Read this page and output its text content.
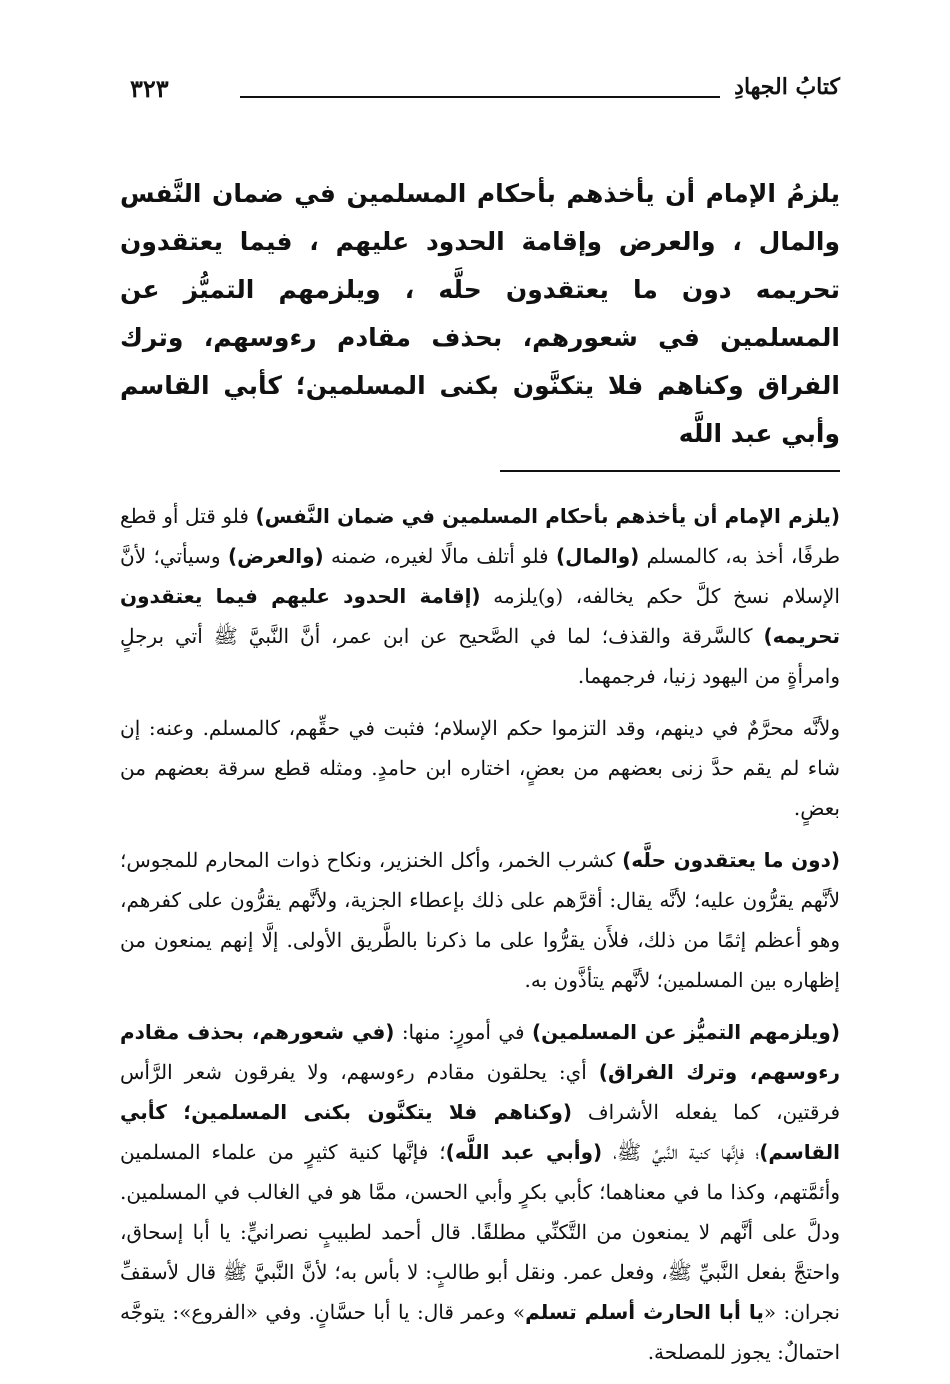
كتابُ الجهادِ
٣٢٣
يلزمُ الإمام أن يأخذهم بأحكام المسلمين في ضمان النَّفس والمال ، والعرض وإقامة الحدود عليهم ، فيما يعتقدون تحريمه دون ما يعتقدون حلَّه ، ويلزمهم التميُّز عن المسلمين في شعورهم، بحذف مقادم رءوسهم، وترك الفراق وكناهم فلا يتكنَّون بكنى المسلمين؛ كأبي القاسم وأبي عبد اللَّه

(يلزم الإمام أن يأخذهم بأحكام المسلمين في ضمان النَّفس) فلو قتل أو قطع طرفًا، أخذ به، كالمسلم (والمال) فلو أتلف مالًا لغيره، ضمنه (والعرض) وسيأتي؛ لأنَّ الإسلام نسخ كلَّ حكم يخالفه، (و)يلزمه (إقامة الحدود عليهم فيما يعتقدون تحريمه) كالسَّرقة والقذف؛ لما في الصَّحيح عن ابن عمر، أنَّ النَّبيَّ ﷺ أتي برجلٍ وامرأةٍ من اليهود زنيا، فرجمهما.

ولأنَّه محرَّمٌ في دينهم، وقد التزموا حكم الإسلام؛ فثبت في حقِّهم، كالمسلم. وعنه: إن شاء لم يقم حدَّ زنى بعضهم من بعضٍ، اختاره ابن حامدٍ. ومثله قطع سرقة بعضهم من بعضٍ.

(دون ما يعتقدون حلَّه) كشرب الخمر، وأكل الخنزير، ونكاح ذوات المحارم للمجوس؛ لأنَّهم يقرُّون عليه؛ لأنَّه يقال: أقرَّهم على ذلك بإعطاء الجزية، ولأنَّهم يقرُّون على كفرهم، وهو أعظم إثمًا من ذلك، فلأَن يقرُّوا على ما ذكرنا بالطَّريق الأولى. إلَّا إنهم يمنعون من إظهاره بين المسلمين؛ لأنَّهم يتأذَّون به.

(ويلزمهم التميُّز عن المسلمين) في أمورٍ: منها: (في شعورهم، بحذف مقادم رءوسهم، وترك الفراق) أي: يحلقون مقادم رءوسهم، ولا يفرقون شعر الرَّأس فرقتين، كما يفعله الأشراف (وكناهم فلا يتكنَّون بكنى المسلمين؛ كأبي القاسم)؛ فإنَّها كنية النَّبيِّ ﷺ، (وأبي عبد اللَّه)؛ فإنَّها كنية كثيرٍ من علماء المسلمين وأئمَّتهم، وكذا ما في معناهما؛ كأبي بكرٍ وأبي الحسن، ممَّا هو في الغالب في المسلمين. ودلَّ على أنَّهم لا يمنعون من التَّكنِّي مطلقًا. قال أحمد لطبيبٍ نصرانيٍّ: يا أبا إسحاق، واحتجَّ بفعل النَّبيِّ ﷺ، وفعل عمر. ونقل أبو طالبٍ: لا بأس به؛ لأنَّ النَّبيَّ ﷺ قال لأسقفِّ نجران: «يا أبا الحارث أسلم تسلم» وعمر قال: يا أبا حسَّانٍ. وفي «الفروع»: يتوجَّه احتمالٌ: يجوز للمصلحة.
